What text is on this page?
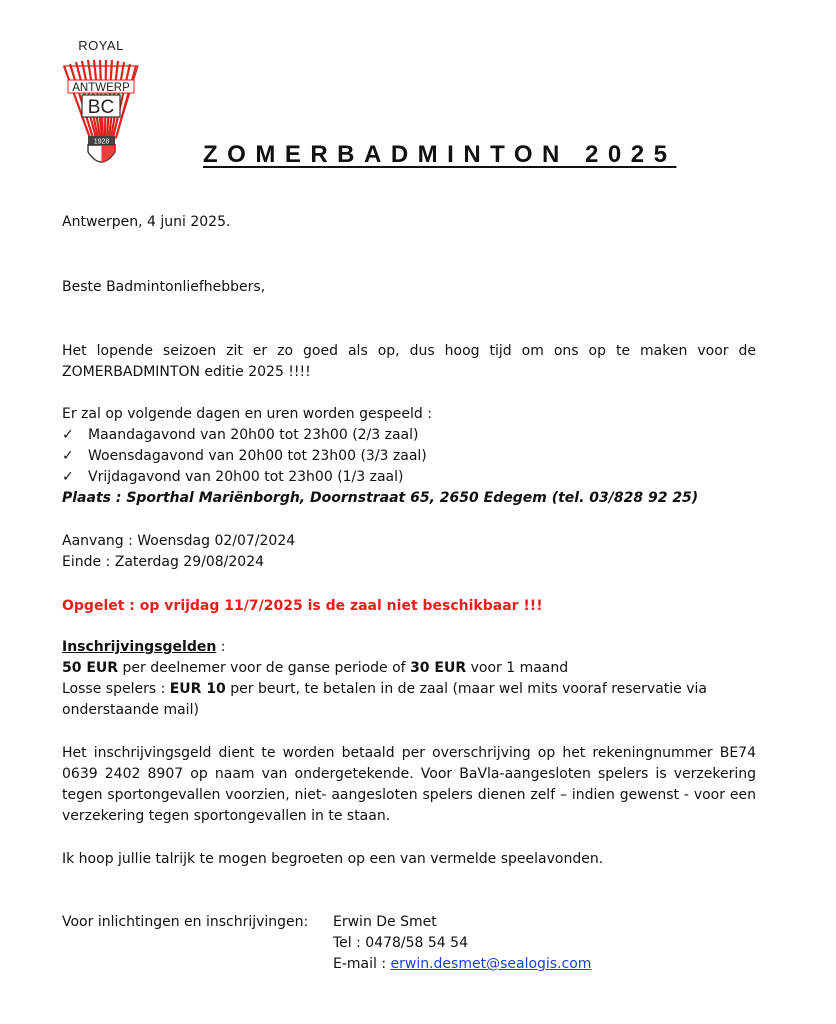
ROYAL
ANTWERP
BC
1928	ZOMERBADMINTON 2025
Antwerpen, 4 juni 2025.
Beste Badmintonliefhebbers,
Het lopende seizoen zit er zo goed als op, dus hoog tijd om ons op te maken voor de ZOMERBADMINTON editie 2025 !!!!
Er zal op volgende dagen en uren worden gespeeld :
✓ Maandagavond van 20h00 tot 23h00 (2/3 zaal)
✓ Woensdagavond van 20h00 tot 23h00 (3/3 zaal)
✓ Vrijdagavond van 20h00 tot 23h00 (1/3 zaal)
Plaats : Sporthal Mariënborgh, Doornstraat 65, 2650 Edegem (tel. 03/828 92 25)
Aanvang : Woensdag 02/07/2024
Einde : Zaterdag 29/08/2024
Opgelet : op vrijdag 11/7/2025 is de zaal niet beschikbaar !!!
Inschrijvingsgelden :
50 EUR per deelnemer voor de ganse periode of 30 EUR voor 1 maand
Losse spelers : EUR 10 per beurt, te betalen in de zaal (maar wel mits vooraf reservatie via
onderstaande mail)
Het inschrijvingsgeld dient te worden betaald per overschrijving op het rekeningnummer BE74 0639 2402 8907 op naam van ondergetekende. Voor BaVla-aangesloten spelers is verzekering tegen sportongevallen voorzien, niet- aangesloten spelers dienen zelf – indien gewenst - voor een verzekering tegen sportongevallen in te staan.
Ik hoop jullie talrijk te mogen begroeten op een van vermelde speelavonden.
Voor inlichtingen en inschrijvingen:	Erwin De Smet
Tel : 0478/58 54 54
E-mail : erwin.desmet@sealogis.com
